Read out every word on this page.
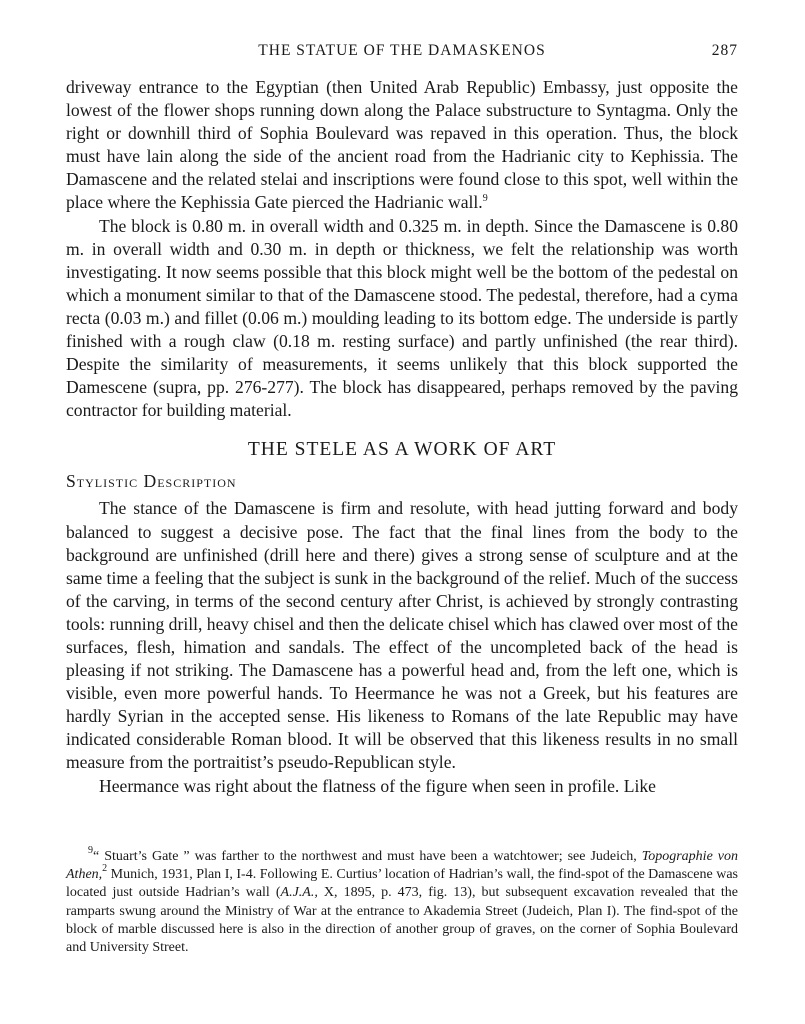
THE STATUE OF THE DAMASKENOS	287

driveway entrance to the Egyptian (then United Arab Republic) Embassy, just opposite the lowest of the flower shops running down along the Palace substructure to Syntagma. Only the right or downhill third of Sophia Boulevard was repaved in this operation. Thus, the block must have lain along the side of the ancient road from the Hadrianic city to Kephissia. The Damascene and the related stelai and inscriptions were found close to this spot, well within the place where the Kephissia Gate pierced the Hadrianic wall.$^9$

The block is 0.80 m. in overall width and 0.325 m. in depth. Since the Damascene is 0.80 m. in overall width and 0.30 m. in depth or thickness, we felt the relationship was worth investigating. It now seems possible that this block might well be the bottom of the pedestal on which a monument similar to that of the Damascene stood. The pedestal, therefore, had a cyma recta (0.03 m.) and fillet (0.06 m.) moulding leading to its bottom edge. The underside is partly finished with a rough claw (0.18 m. resting surface) and partly unfinished (the rear third). Despite the similarity of measurements, it seems unlikely that this block supported the Damescene (supra, pp. 276-277). The block has disappeared, perhaps removed by the paving contractor for building material.

THE STELE AS A WORK OF ART
Stylistic Description

The stance of the Damascene is firm and resolute, with head jutting forward and body balanced to suggest a decisive pose. The fact that the final lines from the body to the background are unfinished (drill here and there) gives a strong sense of sculpture and at the same time a feeling that the subject is sunk in the background of the relief. Much of the success of the carving, in terms of the second century after Christ, is achieved by strongly contrasting tools: running drill, heavy chisel and then the delicate chisel which has clawed over most of the surfaces, flesh, himation and sandals. The effect of the uncompleted back of the head is pleasing if not striking. The Damascene has a powerful head and, from the left one, which is visible, even more powerful hands. To Heermance he was not a Greek, but his features are hardly Syrian in the accepted sense. His likeness to Romans of the late Republic may have indicated considerable Roman blood. It will be observed that this likeness results in no small measure from the portraitist’s pseudo-Republican style.

Heermance was right about the flatness of the figure when seen in profile. Like

$^9$“ Stuart’s Gate ” was farther to the northwest and must have been a watchtower; see Judeich, Topographie von Athen,$^2$ Munich, 1931, Plan I, I-4. Following E. Curtius’ location of Hadrian’s wall, the find-spot of the Damascene was located just outside Hadrian’s wall (A.J.A., X, 1895, p. 473, fig. 13), but subsequent excavation revealed that the ramparts swung around the Ministry of War at the entrance to Akademia Street (Judeich, Plan I). The find-spot of the block of marble discussed here is also in the direction of another group of graves, on the corner of Sophia Boulevard and University Street.
